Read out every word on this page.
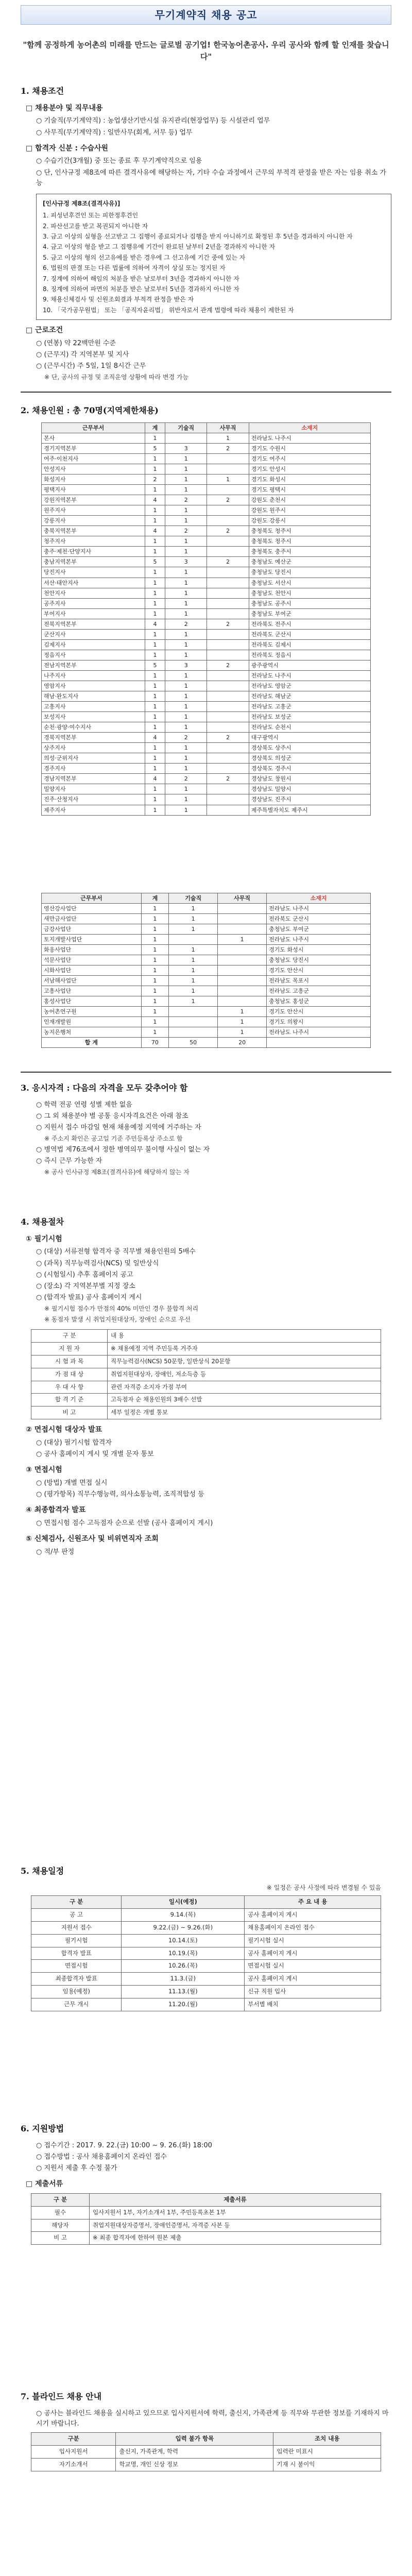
무기계약직 채용 공고
"함께 공정하게 농어촌의 미래를 만드는 글로벌 공기업! 한국농어촌공사. 우리 공사와 함께 할 인재를 찾습니다"
1. 채용조건
□ 채용분야 및 직무내용
○ 기술직(무기계약직) : 농업생산기반시설 유지관리(현장업무) 등 시설관리 업무
○ 사무직(무기계약직) : 일반사무(회계, 서무 등) 업무
□ 합격자 신분 : 수습사원
○ 수습기간(3개월) 중 또는 종료 후 무기계약직으로 임용
○ 단, 인사규정 제8조에 따른 결격사유에 해당하는 자, 기타 수습 과정에서 근무의 부적격 판정을 받은 자는 임용 취소 가능
[인사규정 제8조(결격사유)]
1. 피성년후견인 또는 피한정후견인
2. 파산선고를 받고 복권되지 아니한 자
3. 금고 이상의 실형을 선고받고 그 집행이 종료되거나 집행을 받지 아니하기로 확정된 후 5년을 경과하지 아니한 자
4. 금고 이상의 형을 받고 그 집행유예 기간이 완료된 날부터 2년을 경과하지 아니한 자
5. 금고 이상의 형의 선고유예를 받은 경우에 그 선고유예 기간 중에 있는 자
6. 법원의 판결 또는 다른 법률에 의하여 자격이 상실 또는 정지된 자
7. 징계에 의하여 해임의 처분을 받은 날로부터 3년을 경과하지 아니한 자
8. 징계에 의하여 파면의 처분을 받은 날로부터 5년을 경과하지 아니한 자
9. 채용신체검사 및 신원조회결과 부적격 판정을 받은 자
10. 「국가공무원법」 또는 「공직자윤리법」 위반자로서 관계 법령에 따라 채용이 제한된 자
□ 근로조건
○ (연봉) 약 22백만원 수준
○ (근무지) 각 지역본부 및 지사
○ (근무시간) 주 5일, 1일 8시간 근무
※ 단, 공사의 규정 및 조직운영 상황에 따라 변경 가능
2. 채용인원 : 총 70명(지역제한채용)
근무부서	계	기술직	사무직	소재지
본사	1		1	전라남도 나주시
경기지역본부	5	3	2	경기도 수원시
여주·이천지사	1	1		경기도 여주시
안성지사	1	1		경기도 안성시
화성지사	2	1	1	경기도 화성시
평택지사	1	1		경기도 평택시
강원지역본부	4	2	2	강원도 춘천시
원주지사	1	1		강원도 원주시
강릉지사	1	1		강원도 강릉시
충북지역본부	4	2	2	충청북도 청주시
청주지사	1	1		충청북도 청주시
충주·제천·단양지사	1	1		충청북도 충주시
충남지역본부	5	3	2	충청남도 예산군
당진지사	1	1		충청남도 당진시
서산·태안지사	1	1		충청남도 서산시
천안지사	1	1		충청남도 천안시
공주지사	1	1		충청남도 공주시
부여지사	1	1		충청남도 부여군
전북지역본부	4	2	2	전라북도 전주시
군산지사	1	1		전라북도 군산시
김제지사	1	1		전라북도 김제시
정읍지사	1	1		전라북도 정읍시
전남지역본부	5	3	2	광주광역시
나주지사	1	1		전라남도 나주시
영암지사	1	1		전라남도 영암군
해남·완도지사	1	1		전라남도 해남군
고흥지사	1	1		전라남도 고흥군
보성지사	1	1		전라남도 보성군
순천·광양·여수지사	1	1		전라남도 순천시
경북지역본부	4	2	2	대구광역시
상주지사	1	1		경상북도 상주시
의성·군위지사	1	1		경상북도 의성군
경주지사	1	1		경상북도 경주시
경남지역본부	4	2	2	경상남도 창원시
밀양지사	1	1		경상남도 밀양시
진주·산청지사	1	1		경상남도 진주시
제주지사	1	1		제주특별자치도 제주시
근무부서	계	기술직	사무직	소재지
영산강사업단	1	1		전라남도 나주시
새만금사업단	1	1		전라북도 군산시
금강사업단	1	1		충청남도 부여군
토지개발사업단	1		1	전라남도 나주시
화옹사업단	1	1		경기도 화성시
석문사업단	1	1		충청남도 당진시
시화사업단	1	1		경기도 안산시
서남해사업단	1	1		전라남도 목포시
고흥사업단	1	1		전라남도 고흥군
홍성사업단	1	1		충청남도 홍성군
농어촌연구원	1		1	경기도 안산시
인재개발원	1		1	경기도 의왕시
농지은행처	1		1	전라남도 나주시
합 계	70	50	20	
3. 응시자격 : 다음의 자격을 모두 갖추어야 함
○ 학력 전공 연령 성별 제한 없음
○ 그 외 채용분야 별 공통 응시자격요건은 아래 참조
○ 지원서 접수 마감일 현재 채용예정 지역에 거주하는 자
※ 주소지 확인은 공고일 기준 주민등록상 주소로 함
○ 병역법 제76조에서 정한 병역의무 불이행 사실이 없는 자
○ 즉시 근무 가능한 자
※ 공사 인사규정 제8조(결격사유)에 해당하지 않는 자
4. 채용절차
① 필기시험
○ (대상) 서류전형 합격자 중 직무별 채용인원의 5배수
○ (과목) 직무능력검사(NCS) 및 일반상식
○ (시험일시) 추후 홈페이지 공고
○ (장소) 각 지역본부별 지정 장소
○ (합격자 발표) 공사 홈페이지 게시
※ 필기시험 점수가 만점의 40% 미만인 경우 불합격 처리
※ 동점자 발생 시 취업지원대상자, 장애인 순으로 우선
구 분	내 용
지 원 자	※ 채용예정 지역 주민등록 거주자
시 험 과 목	직무능력검사(NCS) 50문항, 일반상식 20문항
가 점 대 상	취업지원대상자, 장애인, 저소득층 등
우 대 사 항	관련 자격증 소지자 가점 부여
합 격 기 준	고득점자 순 채용인원의 3배수 선발
비 고	세부 일정은 개별 통보
② 면접시험 대상자 발표
○ (대상) 필기시험 합격자
○ 공사 홈페이지 게시 및 개별 문자 통보
③ 면접시험
○ (방법) 개별 면접 실시
○ (평가항목) 직무수행능력, 의사소통능력, 조직적합성 등
④ 최종합격자 발표
○ 면접시험 점수 고득점자 순으로 선발 (공사 홈페이지 게시)
⑤ 신체검사, 신원조사 및 비위면직자 조회
○ 적/부 판정
5. 채용일정
※ 일정은 공사 사정에 따라 변경될 수 있음
구 분	일시(예정)	주 요 내 용
공 고	9.14.(목)	공사 홈페이지 게시
지원서 접수	9.22.(금) ~ 9.26.(화)	채용홈페이지 온라인 접수
필기시험	10.14.(토)	필기시험 실시
합격자 발표	10.19.(목)	공사 홈페이지 게시
면접시험	10.26.(목)	면접시험 실시
최종합격자 발표	11.3.(금)	공사 홈페이지 게시
임용(예정)	11.13.(월)	신규 직원 입사
근무 개시	11.20.(월)	부서별 배치
6. 지원방법
○ 접수기간 : 2017. 9. 22.(금) 10:00 ~ 9. 26.(화) 18:00
○ 접수방법 : 공사 채용홈페이지 온라인 접수
○ 지원서 제출 후 수정 불가
□ 제출서류
구 분	제출서류
필수	입사지원서 1부, 자기소개서 1부, 주민등록초본 1부
해당자	취업지원대상자증명서, 장애인증명서, 자격증 사본 등
비 고	※ 최종 합격자에 한하여 원본 제출
7. 블라인드 채용 안내
○ 공사는 블라인드 채용을 실시하고 있으므로 입사지원서에 학력, 출신지, 가족관계 등 직무와 무관한 정보를 기재하지 마시기 바랍니다.
구분	입력 불가 항목	조치 내용
입사지원서	출신지, 가족관계, 학력	입력란 미표시
자기소개서	학교명, 개인 신상 정보	기재 시 불이익
